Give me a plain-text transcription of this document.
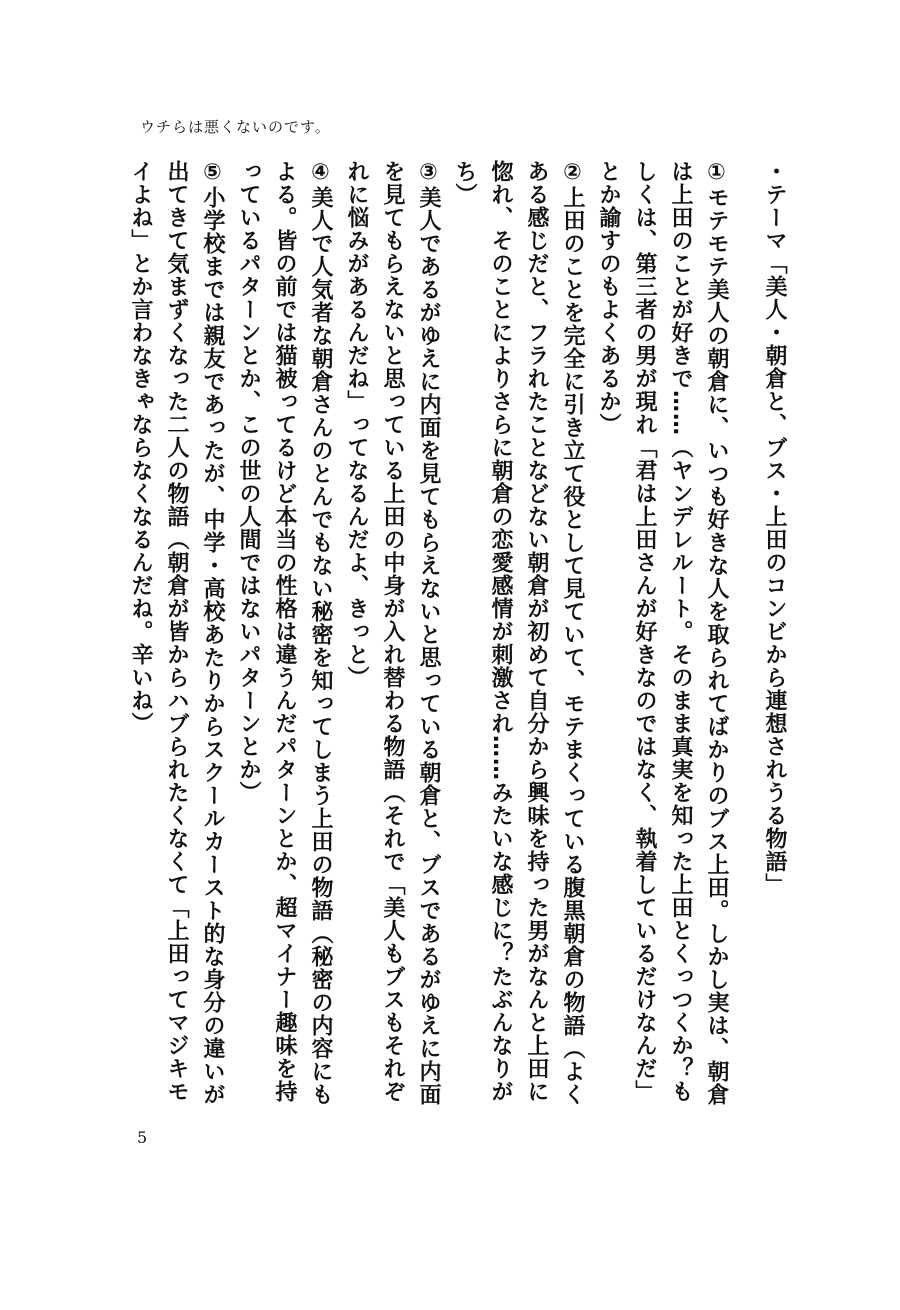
ウチらは悪くないのです。

・テーマ「美人・朝倉と、ブス・上田のコンビから連想されうる物語」

①モテモテ美人の朝倉に、いつも好きな人を取られてばかりのブス上田。しかし実は、朝倉は上田のことが好きで……（ヤンデレルート。そのまま真実を知った上田とくっつくか？もしくは、第三者の男が現れ「君は上田さんが好きなのではなく、執着しているだけなんだ」とか諭すのもよくあるか）

②上田のことを完全に引き立て役として見ていて、モテまくっている腹黒朝倉の物語（よくある感じだと、フラれたことなどない朝倉が初めて自分から興味を持った男がなんと上田に惚れ、そのことによりさらに朝倉の恋愛感情が刺激され……みたいな感じに？たぶんなりがち）

③美人であるがゆえに内面を見てもらえないと思っている朝倉と、ブスであるがゆえに内面を見てもらえないと思っている上田の中身が入れ替わる物語（それで「美人もブスもそれぞれに悩みがあるんだね」ってなるんだよ、きっと）

④美人で人気者な朝倉さんのとんでもない秘密を知ってしまう上田の物語（秘密の内容にもよる。皆の前では猫被ってるけど本当の性格は違うんだパターンとか、超マイナー趣味を持っているパターンとか、この世の人間ではないパターンとか）

⑤小学校までは親友であったが、中学・高校あたりからスクールカースト的な身分の違いが出てきて気まずくなった二人の物語（朝倉が皆からハブられたくなくて「上田ってマジキモイよね」とか言わなきゃならなくなるんだね。辛いね）

5
